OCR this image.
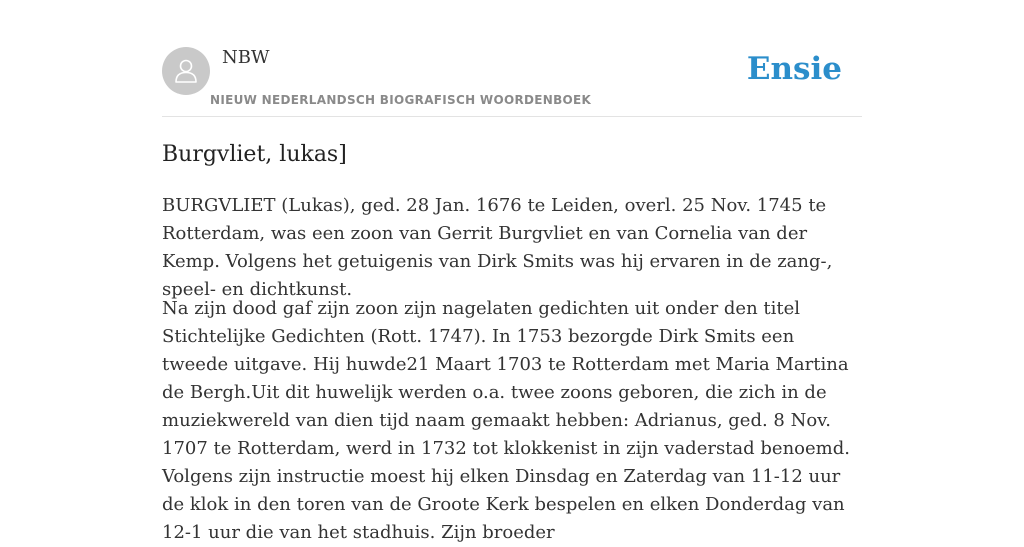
NBW
NIEUW NEDERLANDSCH BIOGRAFISCH WOORDENBOEK
Ensie
Burgvliet, lukas]

BURGVLIET (Lukas), ged. 28 Jan. 1676 te Leiden, overl. 25 Nov. 1745 te Rotterdam, was een zoon van Gerrit Burgvliet en van Cornelia van der Kemp. Volgens het getuigenis van Dirk Smits was hij ervaren in de zang-, speel- en dichtkunst.

Na zijn dood gaf zijn zoon zijn nagelaten gedichten uit onder den titel Stichtelijke Gedichten (Rott. 1747). In 1753 bezorgde Dirk Smits een tweede uitgave. Hij huwde21 Maart 1703 te Rotterdam met Maria Martina de Bergh.Uit dit huwelijk werden o.a. twee zoons geboren, die zich in de muziekwereld van dien tijd naam gemaakt hebben: Adrianus, ged. 8 Nov. 1707 te Rotterdam, werd in 1732 tot klokkenist in zijn vaderstad benoemd. Volgens zijn instructie moest hij elken Dinsdag en Zaterdag van 11-12 uur de klok in den toren van de Groote Kerk bespelen en elken Donderdag van 12-1 uur die van het stadhuis. Zijn broeder
